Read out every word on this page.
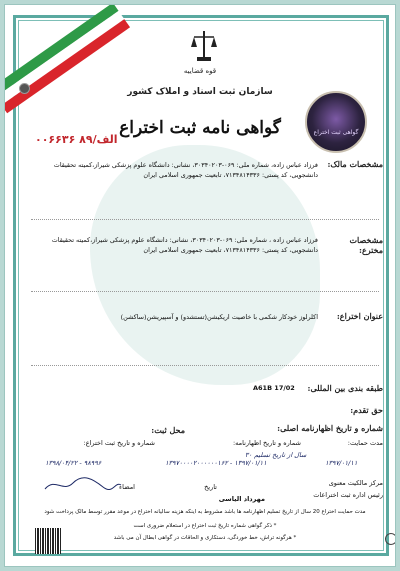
قوه قضاییه
سازمان ثبت اسناد و املاک کشور
گواهی نامه ثبت اختراع
۰۰۶۶۳۶ الف/۸۹
گواهی ثبت اختراع
مشخصات مالک:
فرزاد عباس زاده، شماره ملی: ۰۶۹-۳۰۳۴۰۲۰۳، نشانی: دانشگاه علوم پزشکی شیراز،کمیته تحقیقات دانشجویی، کد پستی: ۷۱۳۴۸۱۴۳۳۶، تابعیت جمهوری اسلامی ایران
مشخصات مخترع:
فرزاد عباس زاده ، شماره ملی: ۰۶۹-۳۰۳۴۰۲۰۳، نشانی: دانشگاه علوم پزشکی شیراز،کمیته تحقیقات دانشجویی، کد پستی: ۷۱۳۴۸۱۴۳۳۶، تابعیت جمهوری اسلامی ایران
عنوان اختراع:
اکلرلوز خودکار شکمی با خاصیت اریکیشن(تستشدو) و آسپیریشن(ساکشن)
طبقه بندی بین المللی:
A61B 17/02
حق تقدم:
شماره و تاریخ اظهارنامه اصلی:
محل ثبت:
مدت حمایت:
شماره و تاریخ اظهارنامه:
شماره و تاریخ ثبت اختراع:
۳۰ سال از تاریخ تسلیم
۱۳۹۷/۰۱/۱۱
۱۳۹۷۰۰۰۰۲۰۰۰۰۰۰۱۶۲ - ۱۳۹۷/۰۱/۱۱
۱۳۹۸/۰۴/۲۲ - ۹۸۹۹۶
مرکز مالکیت معنوی
رئیس اداره ثبت اختراعات
تاریخ
امضاء
مهرداد الیاسی
مدت حمایت اختراع 20 سال از تاریخ تسلیم اظهارنامه ها باشد مشروط به اینکه هزینه سالیانه اختراع در موعد مقرر توسط مالک پرداخت شود
* ذکر گواهی شماره تاریخ ثبت اختراع در استعلام ضروری است
* هرگونه تراش، خط خوردگی، دستکاری و الحاقات در گواهی ابطال آن می باشد
